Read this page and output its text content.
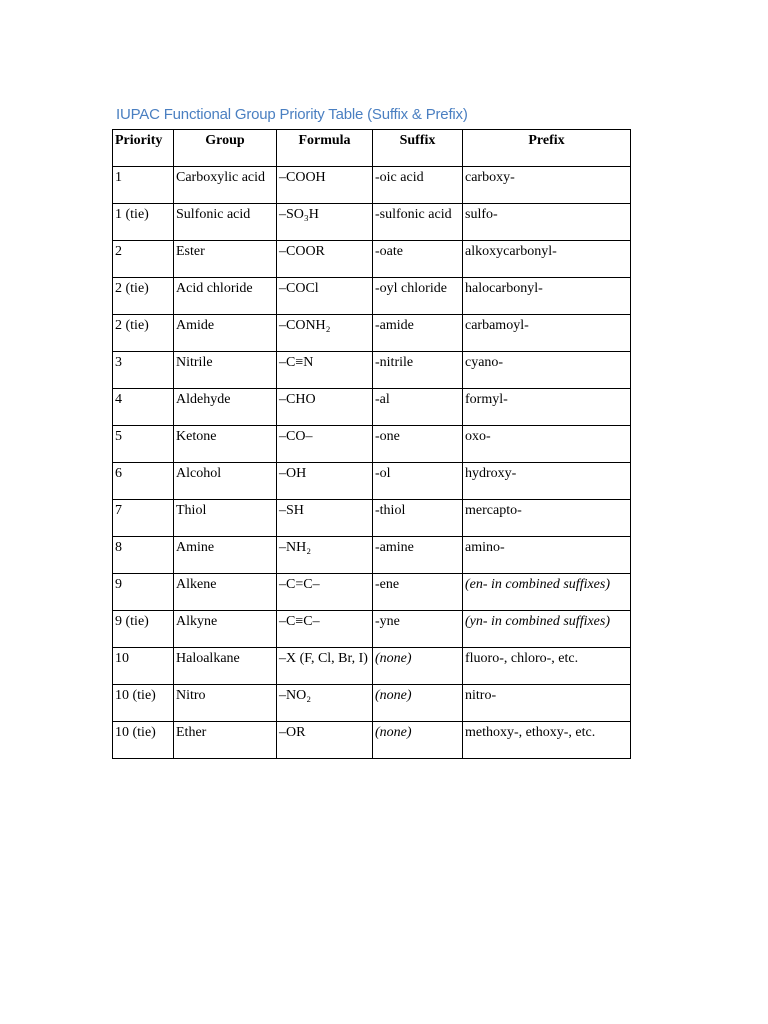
IUPAC Functional Group Priority Table (Suffix & Prefix)
Priority	Group	Formula	Suffix	Prefix
1	Carboxylic acid	–COOH	-oic acid	carboxy-
1 (tie)	Sulfonic acid	–SO₃H	-sulfonic acid	sulfo-
2	Ester	–COOR	-oate	alkoxycarbonyl-
2 (tie)	Acid chloride	–COCl	-oyl chloride	halocarbonyl-
2 (tie)	Amide	–CONH₂	-amide	carbamoyl-
3	Nitrile	–C≡N	-nitrile	cyano-
4	Aldehyde	–CHO	-al	formyl-
5	Ketone	–CO–	-one	oxo-
6	Alcohol	–OH	-ol	hydroxy-
7	Thiol	–SH	-thiol	mercapto-
8	Amine	–NH₂	-amine	amino-
9	Alkene	–C=C–	-ene	(en- in combined suffixes)
9 (tie)	Alkyne	–C≡C–	-yne	(yn- in combined suffixes)
10	Haloalkane	–X (F, Cl, Br, I)	(none)	fluoro-, chloro-, etc.
10 (tie)	Nitro	–NO₂	(none)	nitro-
10 (tie)	Ether	–OR	(none)	methoxy-, ethoxy-, etc.
